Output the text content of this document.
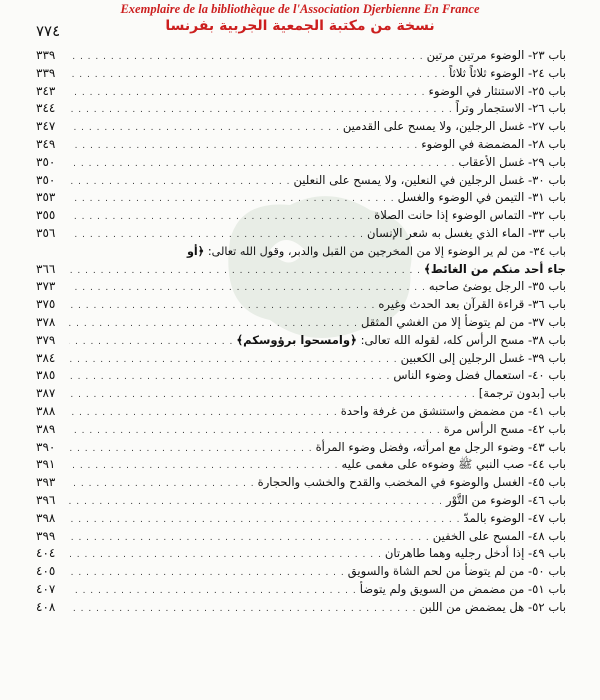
Exemplaire de la bibliothèque de l'Association Djerbienne En France
نسخة من مكتبة الجمعية الجربية بفرنسا
٧٧٤
باب ٢٣- الوضوء مرتين مرتين
. . .
٣٣٩
باب ٢٤- الوضوء ثلاثاً ثلاثاً
. . .
٣٣٩
باب ٢٥- الاستنثار في الوضوء
. . .
٣٤٣
باب ٢٦- الاستجمار وتراً
. . .
٣٤٤
باب ٢٧- غسل الرجلين، ولا يمسح على القدمين
. . .
٣٤٧
باب ٢٨- المضمضة في الوضوء
. . .
٣٤٩
باب ٢٩- غسل الأعقاب
. . .
٣٥٠
باب ٣٠- غسل الرجلين في النعلين، ولا يمسح على النعلين
. . .
٣٥٠
باب ٣١- التيمن في الوضوء والغسل
. . .
٣٥٣
باب ٣٢- التماس الوضوء إذا حانت الصلاة
. . .
٣٥٥
باب ٣٣- الماء الذي يغسل به شعر الإنسان
. . .
٣٥٦
باب ٣٤- من لم ير الوضوء إلا من المخرجين من القبل والدبر، وقول الله تعالى: ﴿أو
جاء أحد منكم من الغائط﴾
. . .
٣٦٦
باب ٣٥- الرجل يوضئ صاحبه
. . .
٣٧٣
باب ٣٦- قراءة القرآن بعد الحدث وغيره
. . .
٣٧٥
باب ٣٧- من لم يتوضأ إلا من الغشي المثقل
. . .
٣٧٨
باب ٣٨- مسح الرأس كله، لقوله الله تعالى: ﴿وامسحوا برؤوسكم﴾
. . .
٣٧٩
باب ٣٩- غسل الرجلين إلى الكعبين
. . .
٣٨٤
باب ٤٠- استعمال فضل وضوء الناس
. . .
٣٨٥
باب [بدون ترجمة]
. . .
٣٨٧
باب ٤١- من مضمض واستنشق من غرفة واحدة
. . .
٣٨٨
باب ٤٢- مسح الرأس مرة
. . .
٣٨٩
باب ٤٣- وضوء الرجل مع امرأته، وفضل وضوء المرأة
. . .
٣٩٠
باب ٤٤- صب النبي ﷺ وضوءه على مغمى عليه
. . .
٣٩١
باب ٤٥- الغسل والوضوء في المخضب والقدح والخشب والحجارة
. . .
٣٩٣
باب ٤٦- الوضوء من التَّوْر
. . .
٣٩٦
باب ٤٧- الوضوء بالمدّ
. . .
٣٩٨
باب ٤٨- المسح على الخفين
. . .
٣٩٩
باب ٤٩- إذا أدخل رجليه وهما طاهرتان
. . .
٤٠٤
باب ٥٠- من لم يتوضأ من لحم الشاة والسويق
. . .
٤٠٥
باب ٥١- من مضمض من السويق ولم يتوضأ
. . .
٤٠٧
باب ٥٢- هل يمضمض من اللبن
. . .
٤٠٨
